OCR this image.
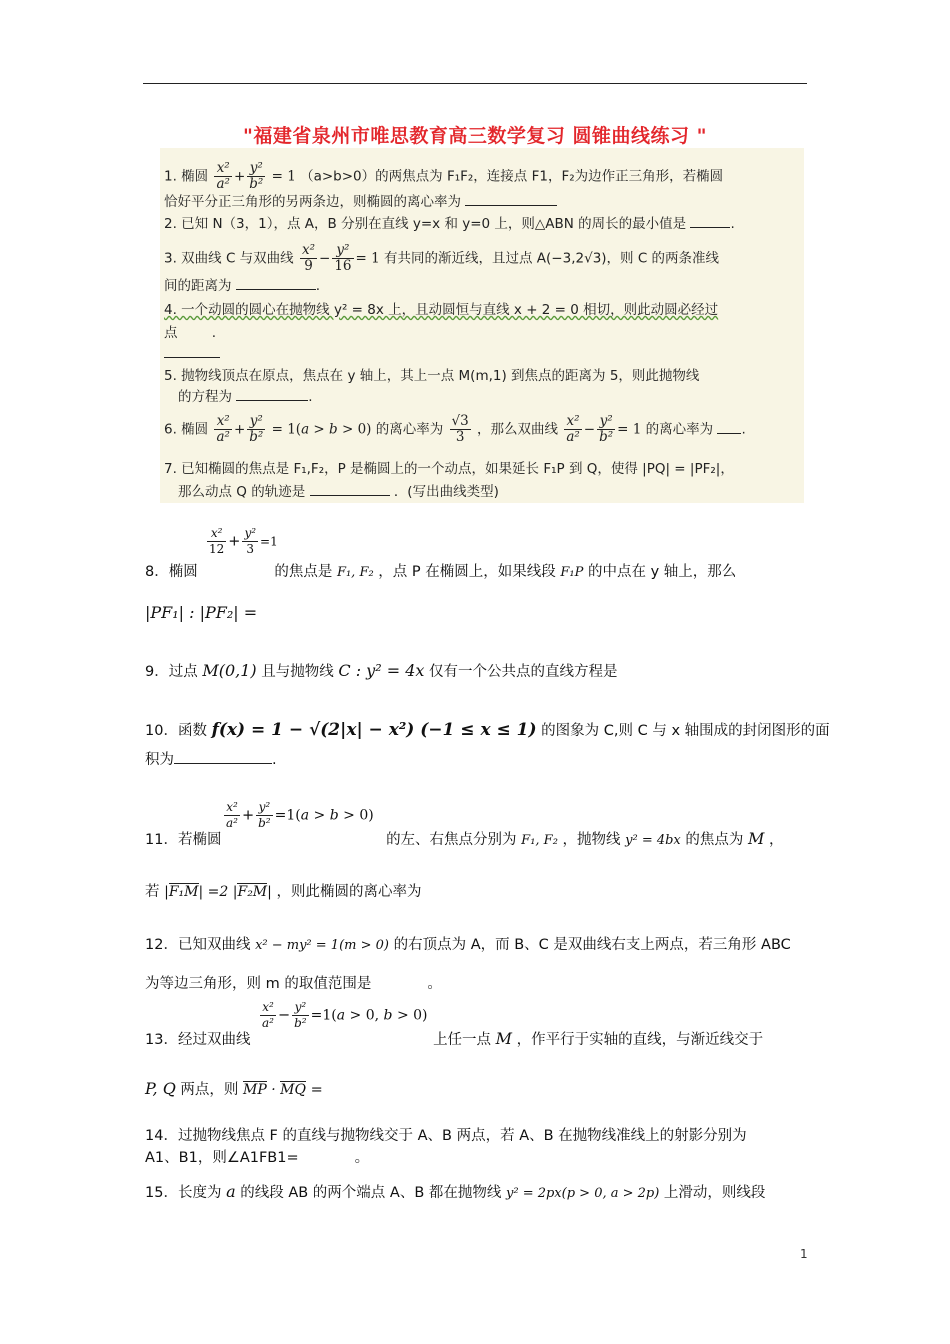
"福建省泉州市唯思教育高三数学复习 圆锥曲线练习 "
1. 椭圆 $\frac{\text{x²}}{\text{a²}} + \frac{\text{y²}}{\text{b²}} = 1$ （a>b>0）的两焦点为 F₁F₂，连接点 F1，F₂为边作正三角形，若椭圆
恰好平分正三角形的另两条边，则椭圆的离心率为
2. 已知 N（3，1），点 A，B 分别在直线 y=x 和 y=0 上，则△ABN 的周长的最小值是	.
3. 双曲线 C 与双曲线 $\frac{\text{x²}}{9} - \frac{\text{y²}}{16} = 1$ 有共同的渐近线，且过点 A(−3,2√3)，则 C 的两条准线
间的距离为	.
4. 一个动圆的圆心在抛物线 y² = 8x 上，且动圆恒与直线 x + 2 = 0 相切，则此动圆必经过
点	.
5. 抛物线顶点在原点，焦点在 y 轴上，其上一点 M(m,1) 到焦点的距离为 5，则此抛物线
的方程为	.
6. 椭圆 $\frac{\text{x²}}{\text{a²}} + \frac{\text{y²}}{\text{b²}} = 1(a > b > 0)$ 的离心率为 $\frac{√3}{3}$ ，那么双曲线 $\frac{\text{x²}}{\text{a²}} - \frac{\text{y²}}{\text{b²}} = 1$ 的离心率为 .
7. 已知椭圆的焦点是 F₁,F₂，P 是椭圆上的一个动点，如果延长 F₁P 到 Q，使得 |PQ| = |PF₂|，
那么动点 Q 的轨迹是	．(写出曲线类型)
$\frac{\text{x²}}{12} + \frac{\text{y²}}{3} =1$
8．椭圆	的焦点是 F₁, F₂ ，点 P 在椭圆上，如果线段 F₁P 的中点在 y 轴上，那么
|PF₁| : |PF₂| =
9．过点 M(0,1) 且与抛物线 C : y² = 4x 仅有一个公共点的直线方程是
10．函数 f(x) = 1 − √(2|x| − x²) (−1 ≤ x ≤ 1) 的图象为 C,则 C 与 x 轴围成的封闭图形的面
积为	.
$\frac{\text{x²}}{\text{a²}} + \frac{\text{y²}}{\text{b²}} =1(a > b > 0)$
11．若椭圆	的左、右焦点分别为 F₁, F₂ ，抛物线 y² = 4bx 的焦点为 M ，
若 |F₁M| =2 |F₂M| ，则此椭圆的离心率为
12．已知双曲线 x² − my² = 1(m > 0) 的右顶点为 A，而 B、C 是双曲线右支上两点，若三角形 ABC
为等边三角形，则 m 的取值范围是	。
$\frac{\text{x²}}{\text{a²}} - \frac{\text{y²}}{\text{b²}} =1(a > 0$, b > 0)
13．经过双曲线	上任一点 M ，作平行于实轴的直线，与渐近线交于
P, Q 两点，则 MP · MQ =
14．过抛物线焦点 F 的直线与抛物线交于 A、B 两点，若 A、B 在抛物线准线上的射影分别为
A1、B1，则∠A1FB1=	。
15．长度为 a 的线段 AB 的两个端点 A、B 都在抛物线 y² = 2px(p > 0, a > 2p) 上滑动，则线段
1
